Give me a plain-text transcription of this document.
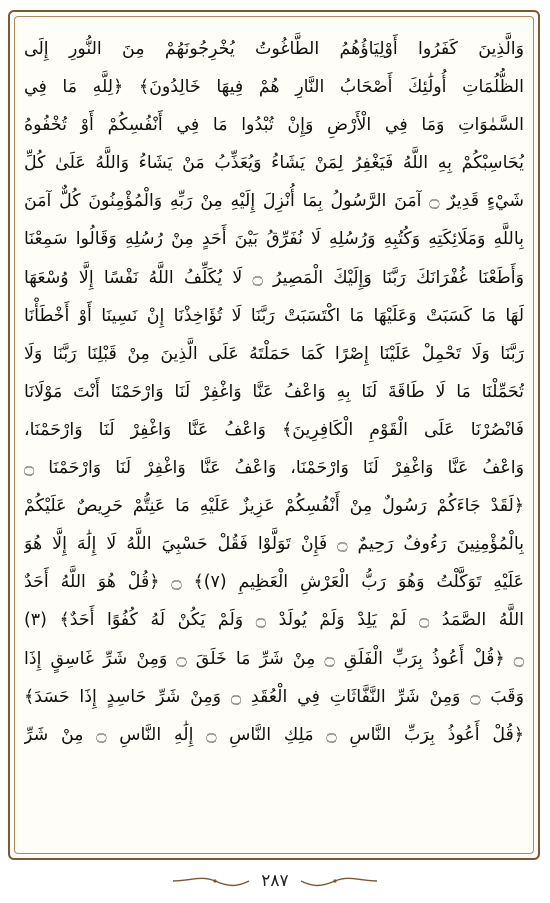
وَالَّذِينَ كَفَرُوا أَوْلِيَاؤُهُمُ الطَّاغُوتُ يُخْرِجُونَهُمْ مِنَ النُّورِ إِلَى
الظُّلُمَاتِ أُولَٰئِكَ أَصْحَابُ النَّارِ هُمْ فِيهَا خَالِدُونَ﴾ ﴿لِلَّهِ مَا فِي
السَّمٰوَاتِ وَمَا فِي الْأَرْضِ وَإِنْ تُبْدُوا مَا فِي أَنْفُسِكُمْ أَوْ تُخْفُوهُ
يُحَاسِبْكُمْ بِهِ اللَّهُ فَيَغْفِرُ لِمَنْ يَشَاءُ وَيُعَذِّبُ مَنْ يَشَاءُ وَاللَّهُ عَلَىٰ كُلِّ
شَيْءٍ قَدِيرٌ ۝ آمَنَ الرَّسُولُ بِمَا أُنْزِلَ إِلَيْهِ مِنْ رَبِّهِ وَالْمُؤْمِنُونَ كُلٌّ آمَنَ
بِاللَّهِ وَمَلَائِكَتِهِ وَكُتُبِهِ وَرُسُلِهِ لَا نُفَرِّقُ بَيْنَ أَحَدٍ مِنْ رُسُلِهِ وَقَالُوا سَمِعْنَا
وَأَطَعْنَا غُفْرَانَكَ رَبَّنَا وَإِلَيْكَ الْمَصِيرُ ۝ لَا يُكَلِّفُ اللَّهُ نَفْسًا إِلَّا وُسْعَهَا
لَهَا مَا كَسَبَتْ وَعَلَيْهَا مَا اكْتَسَبَتْ رَبَّنَا لَا تُؤَاخِذْنَا إِنْ نَسِينَا أَوْ أَخْطَأْنَا
رَبَّنَا وَلَا تَحْمِلْ عَلَيْنَا إِصْرًا كَمَا حَمَلْتَهُ عَلَى الَّذِينَ مِنْ قَبْلِنَا رَبَّنَا وَلَا
تُحَمِّلْنَا مَا لَا طَاقَةَ لَنَا بِهِ وَاعْفُ عَنَّا وَاغْفِرْ لَنَا وَارْحَمْنَا أَنْتَ مَوْلَانَا
فَانْصُرْنَا عَلَى الْقَوْمِ الْكَافِرِينَ﴾ وَاعْفُ عَنَّا وَاغْفِرْ لَنَا وَارْحَمْنَا،
وَاعْفُ عَنَّا وَاغْفِرْ لَنَا وَارْحَمْنَا، وَاعْفُ عَنَّا وَاغْفِرْ لَنَا وَارْحَمْنَا ۝
﴿لَقَدْ جَاءَكُمْ رَسُولٌ مِنْ أَنْفُسِكُمْ عَزِيزٌ عَلَيْهِ مَا عَنِتُّمْ حَرِيصٌ عَلَيْكُمْ
بِالْمُؤْمِنِينَ رَءُوفٌ رَحِيمٌ ۝ فَإِنْ تَوَلَّوْا فَقُلْ حَسْبِيَ اللَّهُ لَا إِلَٰهَ إِلَّا هُوَ
عَلَيْهِ تَوَكَّلْتُ وَهُوَ رَبُّ الْعَرْشِ الْعَظِيمِ (٧)﴾ ۝ ﴿قُلْ هُوَ اللَّهُ أَحَدٌ
اللَّهُ الصَّمَدُ ۝ لَمْ يَلِدْ وَلَمْ يُولَدْ ۝ وَلَمْ يَكُنْ لَهُ كُفُوًا أَحَدٌ﴾ (٣)
۝ ﴿قُلْ أَعُوذُ بِرَبِّ الْفَلَقِ ۝ مِنْ شَرِّ مَا خَلَقَ ۝ وَمِنْ شَرِّ غَاسِقٍ إِذَا
وَقَبَ ۝ وَمِنْ شَرِّ النَّفَّاثَاتِ فِي الْعُقَدِ ۝ وَمِنْ شَرِّ حَاسِدٍ إِذَا حَسَدَ﴾
﴿قُلْ أَعُوذُ بِرَبِّ النَّاسِ ۝ مَلِكِ النَّاسِ ۝ إِلَٰهِ النَّاسِ ۝ مِنْ شَرِّ
٢٨٧
